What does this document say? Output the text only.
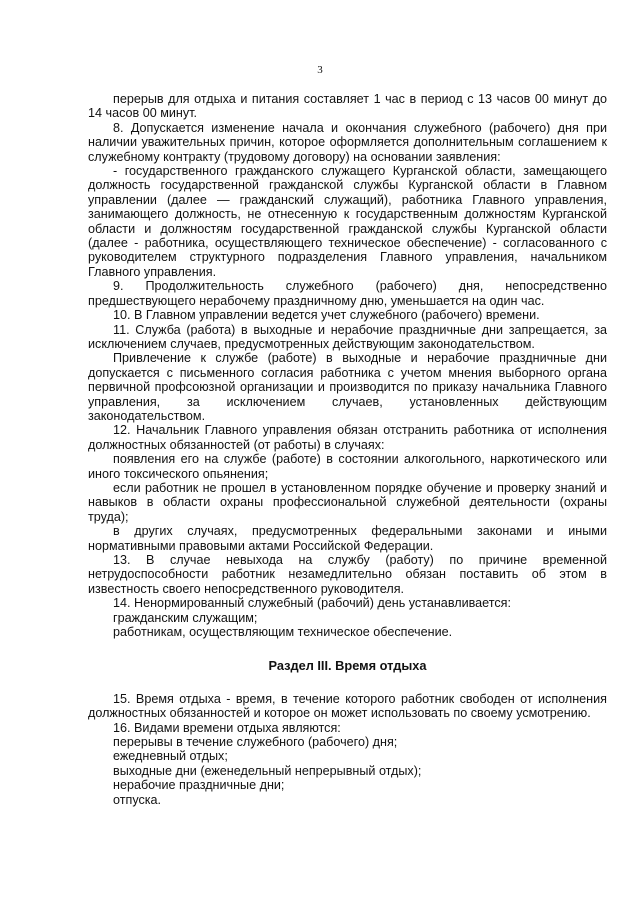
3

перерыв для отдыха и питания составляет 1 час в период с 13 часов 00 минут до 14 часов 00 минут.

8. Допускается изменение начала и окончания служебного (рабочего) дня при наличии уважительных причин, которое оформляется дополнительным соглашением к служебному контракту (трудовому договору) на основании заявления:

- государственного гражданского служащего Курганской области, замещающего должность государственной гражданской службы Курганской области в Главном управлении (далее — гражданский служащий), работника Главного управления, занимающего должность, не отнесенную к государственным должностям Курганской области и должностям государственной гражданской службы Курганской области (далее - работника, осуществляющего техническое обеспечение) - согласованного с руководителем структурного подразделения Главного управления, начальником Главного управления.

9. Продолжительность служебного (рабочего) дня, непосредственно предшествующего нерабочему праздничному дню, уменьшается на один час.

10. В Главном управлении ведется учет служебного (рабочего) времени.

11. Служба (работа) в выходные и нерабочие праздничные дни запрещается, за исключением случаев, предусмотренных действующим законодательством.

Привлечение к службе (работе) в выходные и нерабочие праздничные дни допускается с письменного согласия работника с учетом мнения выборного органа первичной профсоюзной организации и производится по приказу начальника Главного управления, за исключением случаев, установленных действующим законодательством.

12. Начальник Главного управления обязан отстранить работника от исполнения должностных обязанностей (от работы) в случаях:

появления его на службе (работе) в состоянии алкогольного, наркотического или иного токсического опьянения;

если работник не прошел в установленном порядке обучение и проверку знаний и навыков в области охраны профессиональной служебной деятельности (охраны труда);

в других случаях, предусмотренных федеральными законами и иными нормативными правовыми актами Российской Федерации.

13. В случае невыхода на службу (работу) по причине временной нетрудоспособности работник незамедлительно обязан поставить об этом в известность своего непосредственного руководителя.

14. Ненормированный служебный (рабочий) день устанавливается:

гражданским служащим;

работникам, осуществляющим техническое обеспечение.

Раздел III. Время отдыха

15. Время отдыха - время, в течение которого работник свободен от исполнения должностных обязанностей и которое он может использовать по своему усмотрению.

16. Видами времени отдыха являются:

перерывы в течение служебного (рабочего) дня;

ежедневный отдых;

выходные дни (еженедельный непрерывный отдых);

нерабочие праздничные дни;

отпуска.
